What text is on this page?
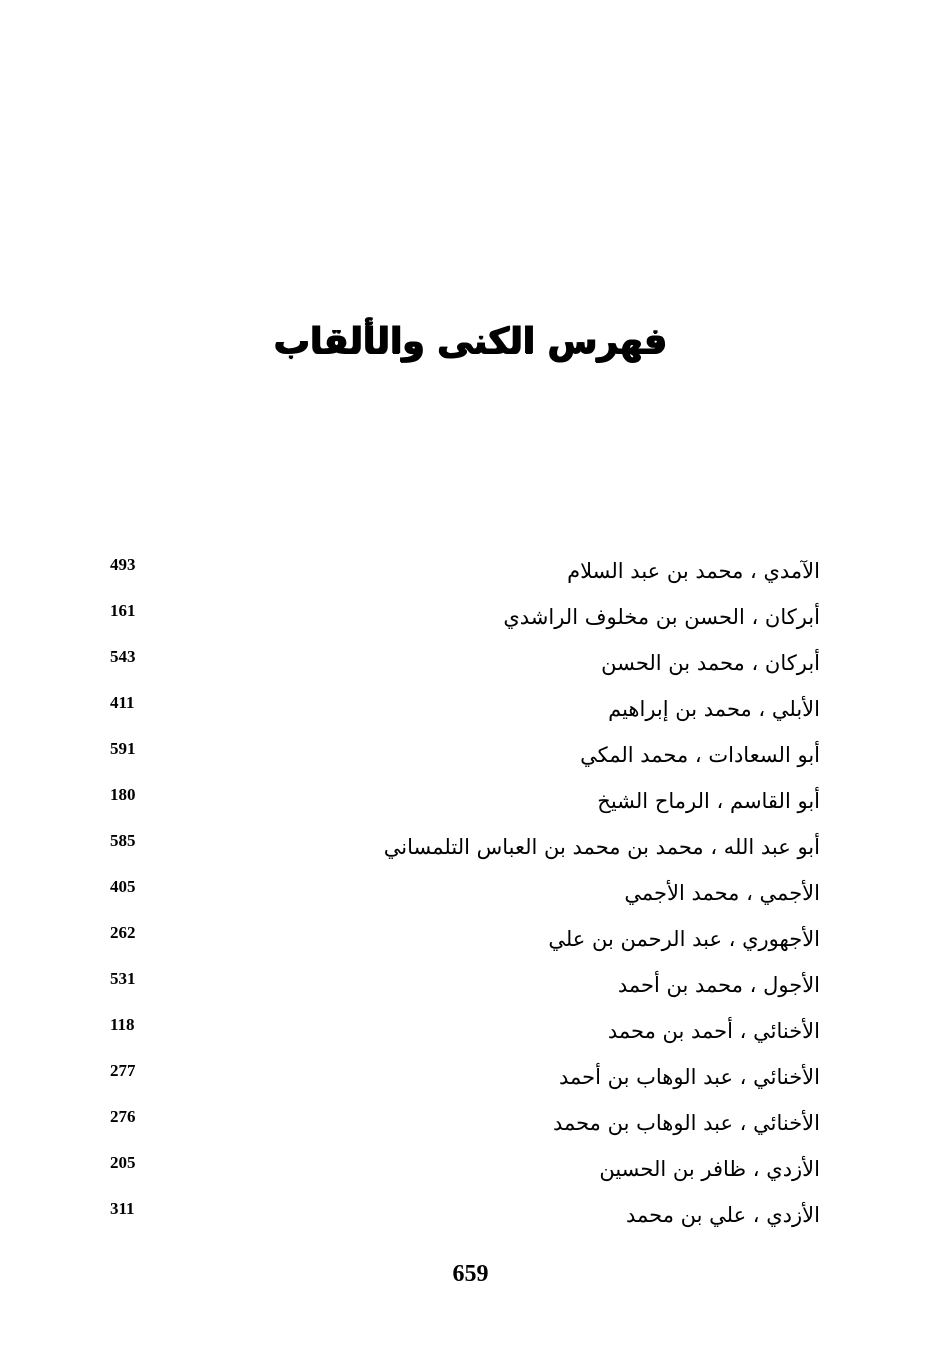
فهرس الكنى والألقاب
الآمدي ، محمد بن عبد السلام
493
أبركان ، الحسن بن مخلوف الراشدي
161
أبركان ، محمد بن الحسن
543
الأبلي ، محمد بن إبراهيم
411
أبو السعادات ، محمد المكي
591
أبو القاسم ، الرماح الشيخ
180
أبو عبد الله ، محمد بن محمد بن العباس التلمساني
585
الأجمي ، محمد الأجمي
405
الأجهوري ، عبد الرحمن بن علي
262
الأجول ، محمد بن أحمد
531
الأخنائي ، أحمد بن محمد
118
الأخنائي ، عبد الوهاب بن أحمد
277
الأخنائي ، عبد الوهاب بن محمد
276
الأزدي ، ظافر بن الحسين
205
الأزدي ، علي بن محمد
311
659
